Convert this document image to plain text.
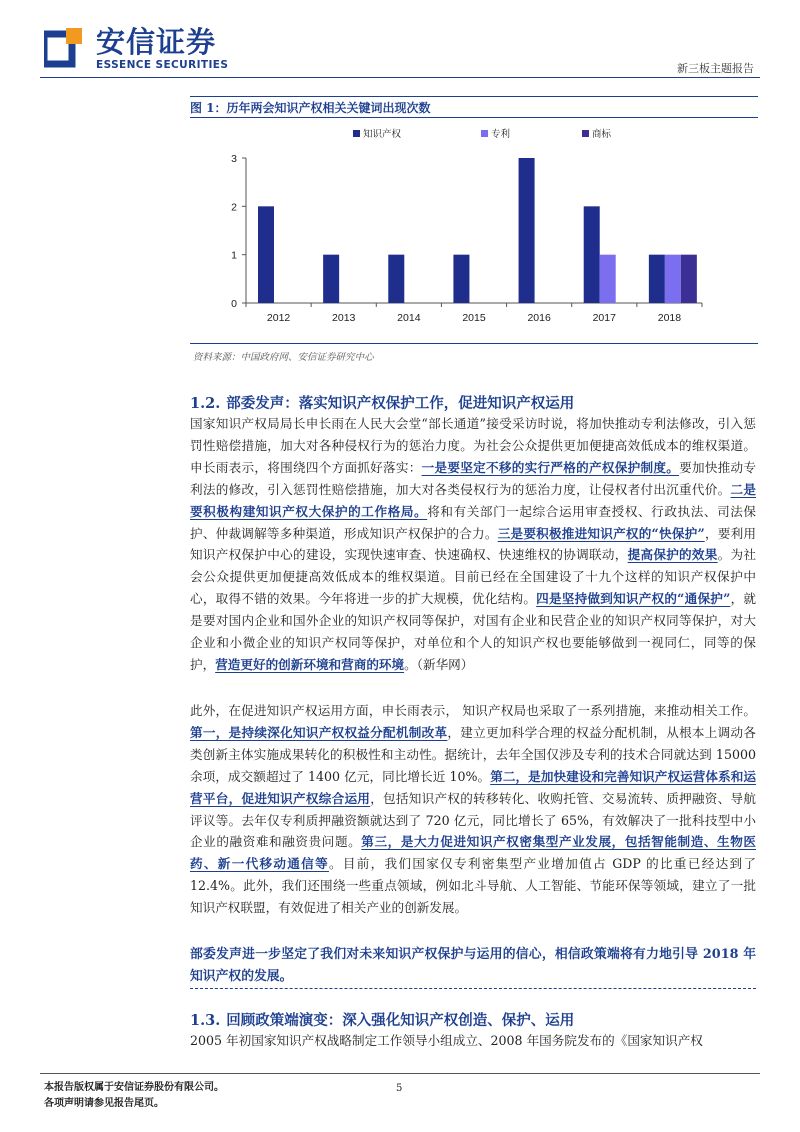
安信证券
ESSENCE SECURITIES	新三板主题报告
图 1：历年两会知识产权相关关键词出现次数
0
1
2
3
2012	2013	2014	2015	2016	2017	2018
知识产权	专利	商标
资料来源：中国政府网、安信证券研究中心
1.2. 部委发声：落实知识产权保护工作，促进知识产权运用
国家知识产权局局长申长雨在人民大会堂“部长通道”接受采访时说，将加快推动专利法修改，引入惩罚性赔偿措施，加大对各种侵权行为的惩治力度。为社会公众提供更加便捷高效低成本的维权渠道。申长雨表示，将围绕四个方面抓好落实：一是要坚定不移的实行严格的产权保护制度。要加快推动专利法的修改，引入惩罚性赔偿措施，加大对各类侵权行为的惩治力度，让侵权者付出沉重代价。二是要积极构建知识产权大保护的工作格局。将和有关部门一起综合运用审查授权、行政执法、司法保护、仲裁调解等多种渠道，形成知识产权保护的合力。三是要积极推进知识产权的“快保护”，要利用知识产权保护中心的建设，实现快速审查、快速确权、快速维权的协调联动，提高保护的效果。为社会公众提供更加便捷高效低成本的维权渠道。目前已经在全国建设了十九个这样的知识产权保护中心，取得不错的效果。今年将进一步的扩大规模，优化结构。四是坚持做到知识产权的“通保护”，就是要对国内企业和国外企业的知识产权同等保护，对国有企业和民营企业的知识产权同等保护，对大企业和小微企业的知识产权同等保护，对单位和个人的知识产权也要能够做到一视同仁，同等的保护，营造更好的创新环境和营商的环境。（新华网）
此外，在促进知识产权运用方面，申长雨表示， 知识产权局也采取了一系列措施，来推动相关工作。第一，是持续深化知识产权权益分配机制改革，建立更加科学合理的权益分配机制，从根本上调动各类创新主体实施成果转化的积极性和主动性。据统计，去年全国仅涉及专利的技术合同就达到 15000 余项，成交额超过了 1400 亿元，同比增长近 10%。第二，是加快建设和完善知识产权运营体系和运营平台，促进知识产权综合运用，包括知识产权的转移转化、收购托管、交易流转、质押融资、导航评议等。去年仅专利质押融资额就达到了 720 亿元，同比增长了 65%，有效解决了一批科技型中小企业的融资难和融资贵问题。第三，是大力促进知识产权密集型产业发展，包括智能制造、生物医药、新一代移动通信等。目前，我们国家仅专利密集型产业增加值占 GDP 的比重已经达到了 12.4%。此外，我们还围绕一些重点领域，例如北斗导航、人工智能、节能环保等领域，建立了一批知识产权联盟，有效促进了相关产业的创新发展。
部委发声进一步坚定了我们对未来知识产权保护与运用的信心，相信政策端将有力地引导 2018 年知识产权的发展。
1.3. 回顾政策端演变：深入强化知识产权创造、保护、运用
2005 年初国家知识产权战略制定工作领导小组成立、2008 年国务院发布的《国家知识产权
本报告版权属于安信证券股份有限公司。
各项声明请参见报告尾页。
5
